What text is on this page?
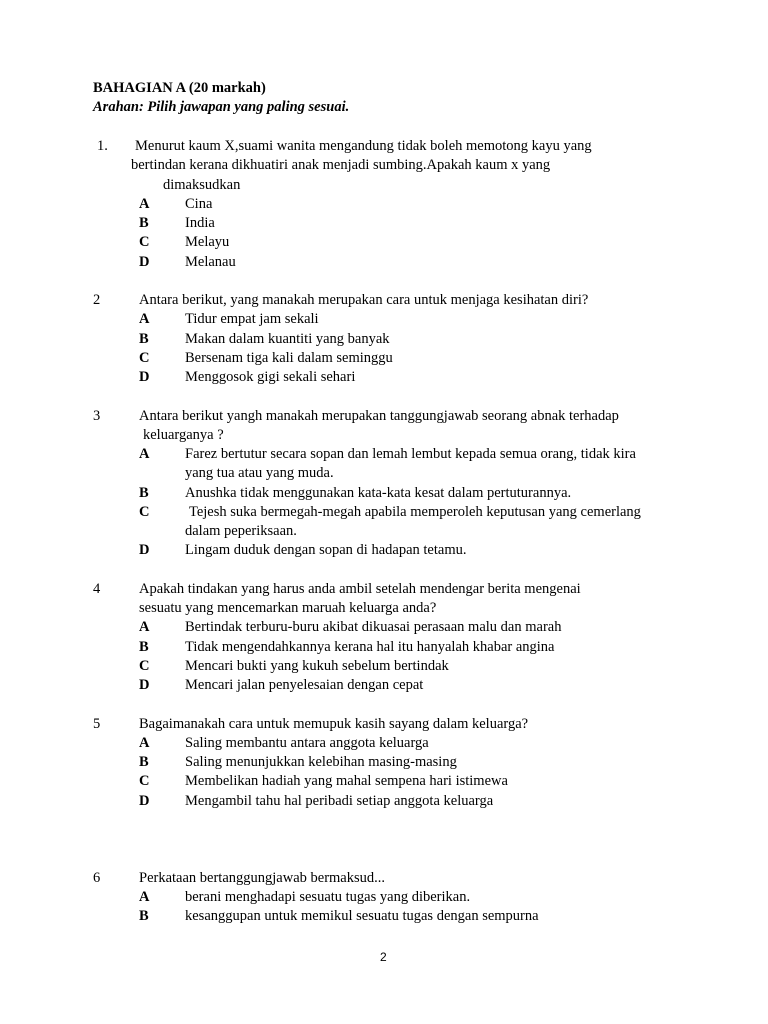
BAHAGIAN A (20 markah)
Arahan: Pilih jawapan yang paling sesuai.
1. Menurut kaum X,suami wanita mengandung tidak boleh memotong kayu yang
bertindan kerana dikhuatiri anak menjadi sumbing.Apakah kaum x yang
dimaksudkan
A Cina
B	India
C Melayu
D Melanau
2	Antara berikut, yang manakah merupakan cara untuk menjaga kesihatan diri?
A Tidur empat jam sekali
B	Makan dalam kuantiti yang banyak
C Bersenam tiga kali dalam seminggu
D Menggosok gigi sekali sehari
3	Antara berikut yangh manakah merupakan tanggungjawab seorang abnak terhadap
keluarganya ?
A Farez bertutur secara sopan dan lemah lembut kepada semua orang, tidak kira
yang tua atau yang muda.
B	Anushka tidak menggunakan kata-kata kesat dalam pertuturannya.
C	Tejesh suka bermegah-megah apabila memperoleh keputusan yang cemerlang
dalam peperiksaan.
D Lingam duduk dengan sopan di hadapan tetamu.
4	Apakah tindakan yang harus anda ambil setelah mendengar berita mengenai
sesuatu yang mencemarkan maruah keluarga anda?
A Bertindak terburu-buru akibat dikuasai perasaan malu dan marah
B	Tidak mengendahkannya kerana hal itu hanyalah khabar angina
C Mencari bukti yang kukuh sebelum bertindak
D Mencari jalan penyelesaian dengan cepat
5	Bagaimanakah cara untuk memupuk kasih sayang dalam keluarga?
A Saling membantu antara anggota keluarga
B	Saling menunjukkan kelebihan masing-masing
C Membelikan hadiah yang mahal sempena hari istimewa
D Mengambil tahu hal peribadi setiap anggota keluarga
6	Perkataan bertanggungjawab bermaksud...
A berani menghadapi sesuatu tugas yang diberikan.
B	kesanggupan untuk memikul sesuatu tugas dengan sempurna
2
